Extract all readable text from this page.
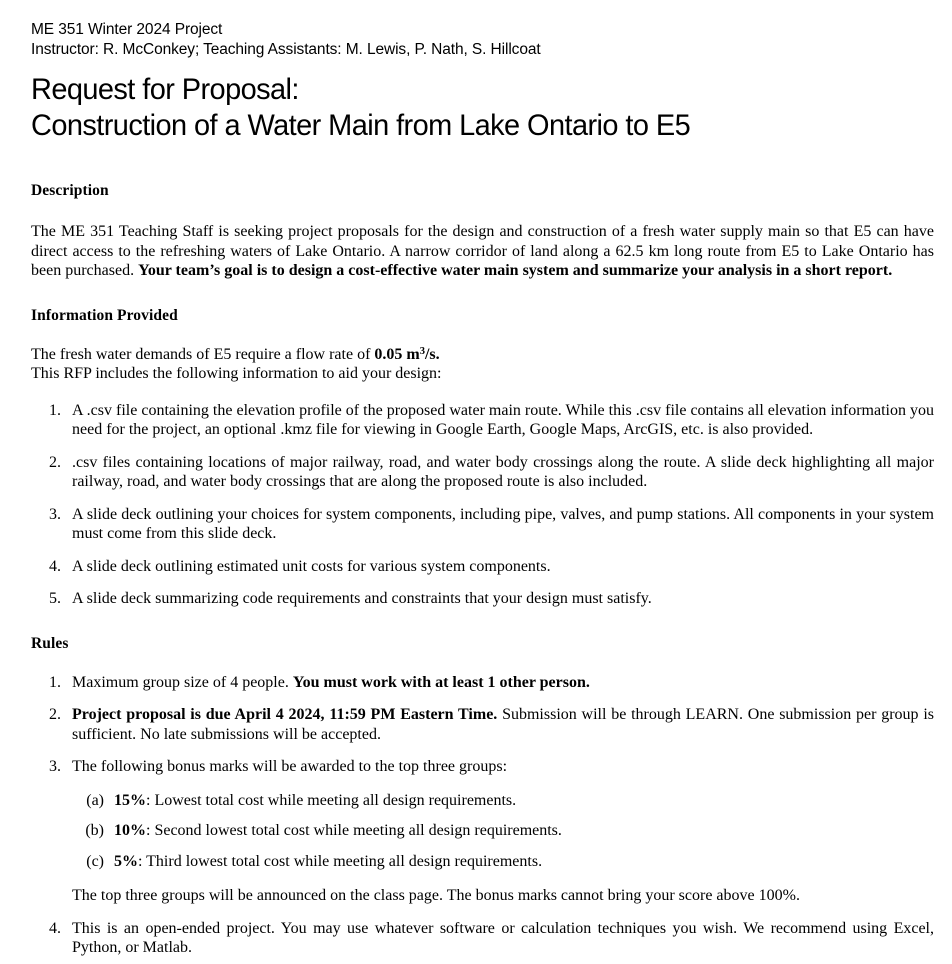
ME 351 Winter 2024 Project
Instructor: R. McConkey; Teaching Assistants: M. Lewis, P. Nath, S. Hillcoat
Request for Proposal:
Construction of a Water Main from Lake Ontario to E5
Description

The ME 351 Teaching Staff is seeking project proposals for the design and construction of a fresh water supply main so that E5 can have direct access to the refreshing waters of Lake Ontario. A narrow corridor of land along a 62.5 km long route from E5 to Lake Ontario has been purchased. Your team’s goal is to design a cost-effective water main system and summarize your analysis in a short report.

Information Provided

The fresh water demands of E5 require a flow rate of 0.05 $m^3/s$.

This RFP includes the following information to aid your design:

1. A .csv file containing the elevation profile of the proposed water main route. While this .csv file contains all elevation information you need for the project, an optional .kmz file for viewing in Google Earth, Google Maps, ArcGIS, etc. is also provided.
2. .csv files containing locations of major railway, road, and water body crossings along the route. A slide deck highlighting all major railway, road, and water body crossings that are along the proposed route is also included.
3. A slide deck outlining your choices for system components, including pipe, valves, and pump stations. All components in your system must come from this slide deck.
4. A slide deck outlining estimated unit costs for various system components.
5. A slide deck summarizing code requirements and constraints that your design must satisfy.
Rules
1. Maximum group size of 4 people. You must work with at least 1 other person.
2. Project proposal is due April 4 2024, 11:59 PM Eastern Time. Submission will be through LEARN. One submission per group is sufficient. No late submissions will be accepted.
3. The following bonus marks will be awarded to the top three groups:
(a) 15%: Lowest total cost while meeting all design requirements.
(b) 10%: Second lowest total cost while meeting all design requirements.
(c) 5%: Third lowest total cost while meeting all design requirements.
The top three groups will be announced on the class page. The bonus marks cannot bring your score above 100%.
4. This is an open-ended project. You may use whatever software or calculation techniques you wish. We recommend using Excel, Python, or Matlab.
